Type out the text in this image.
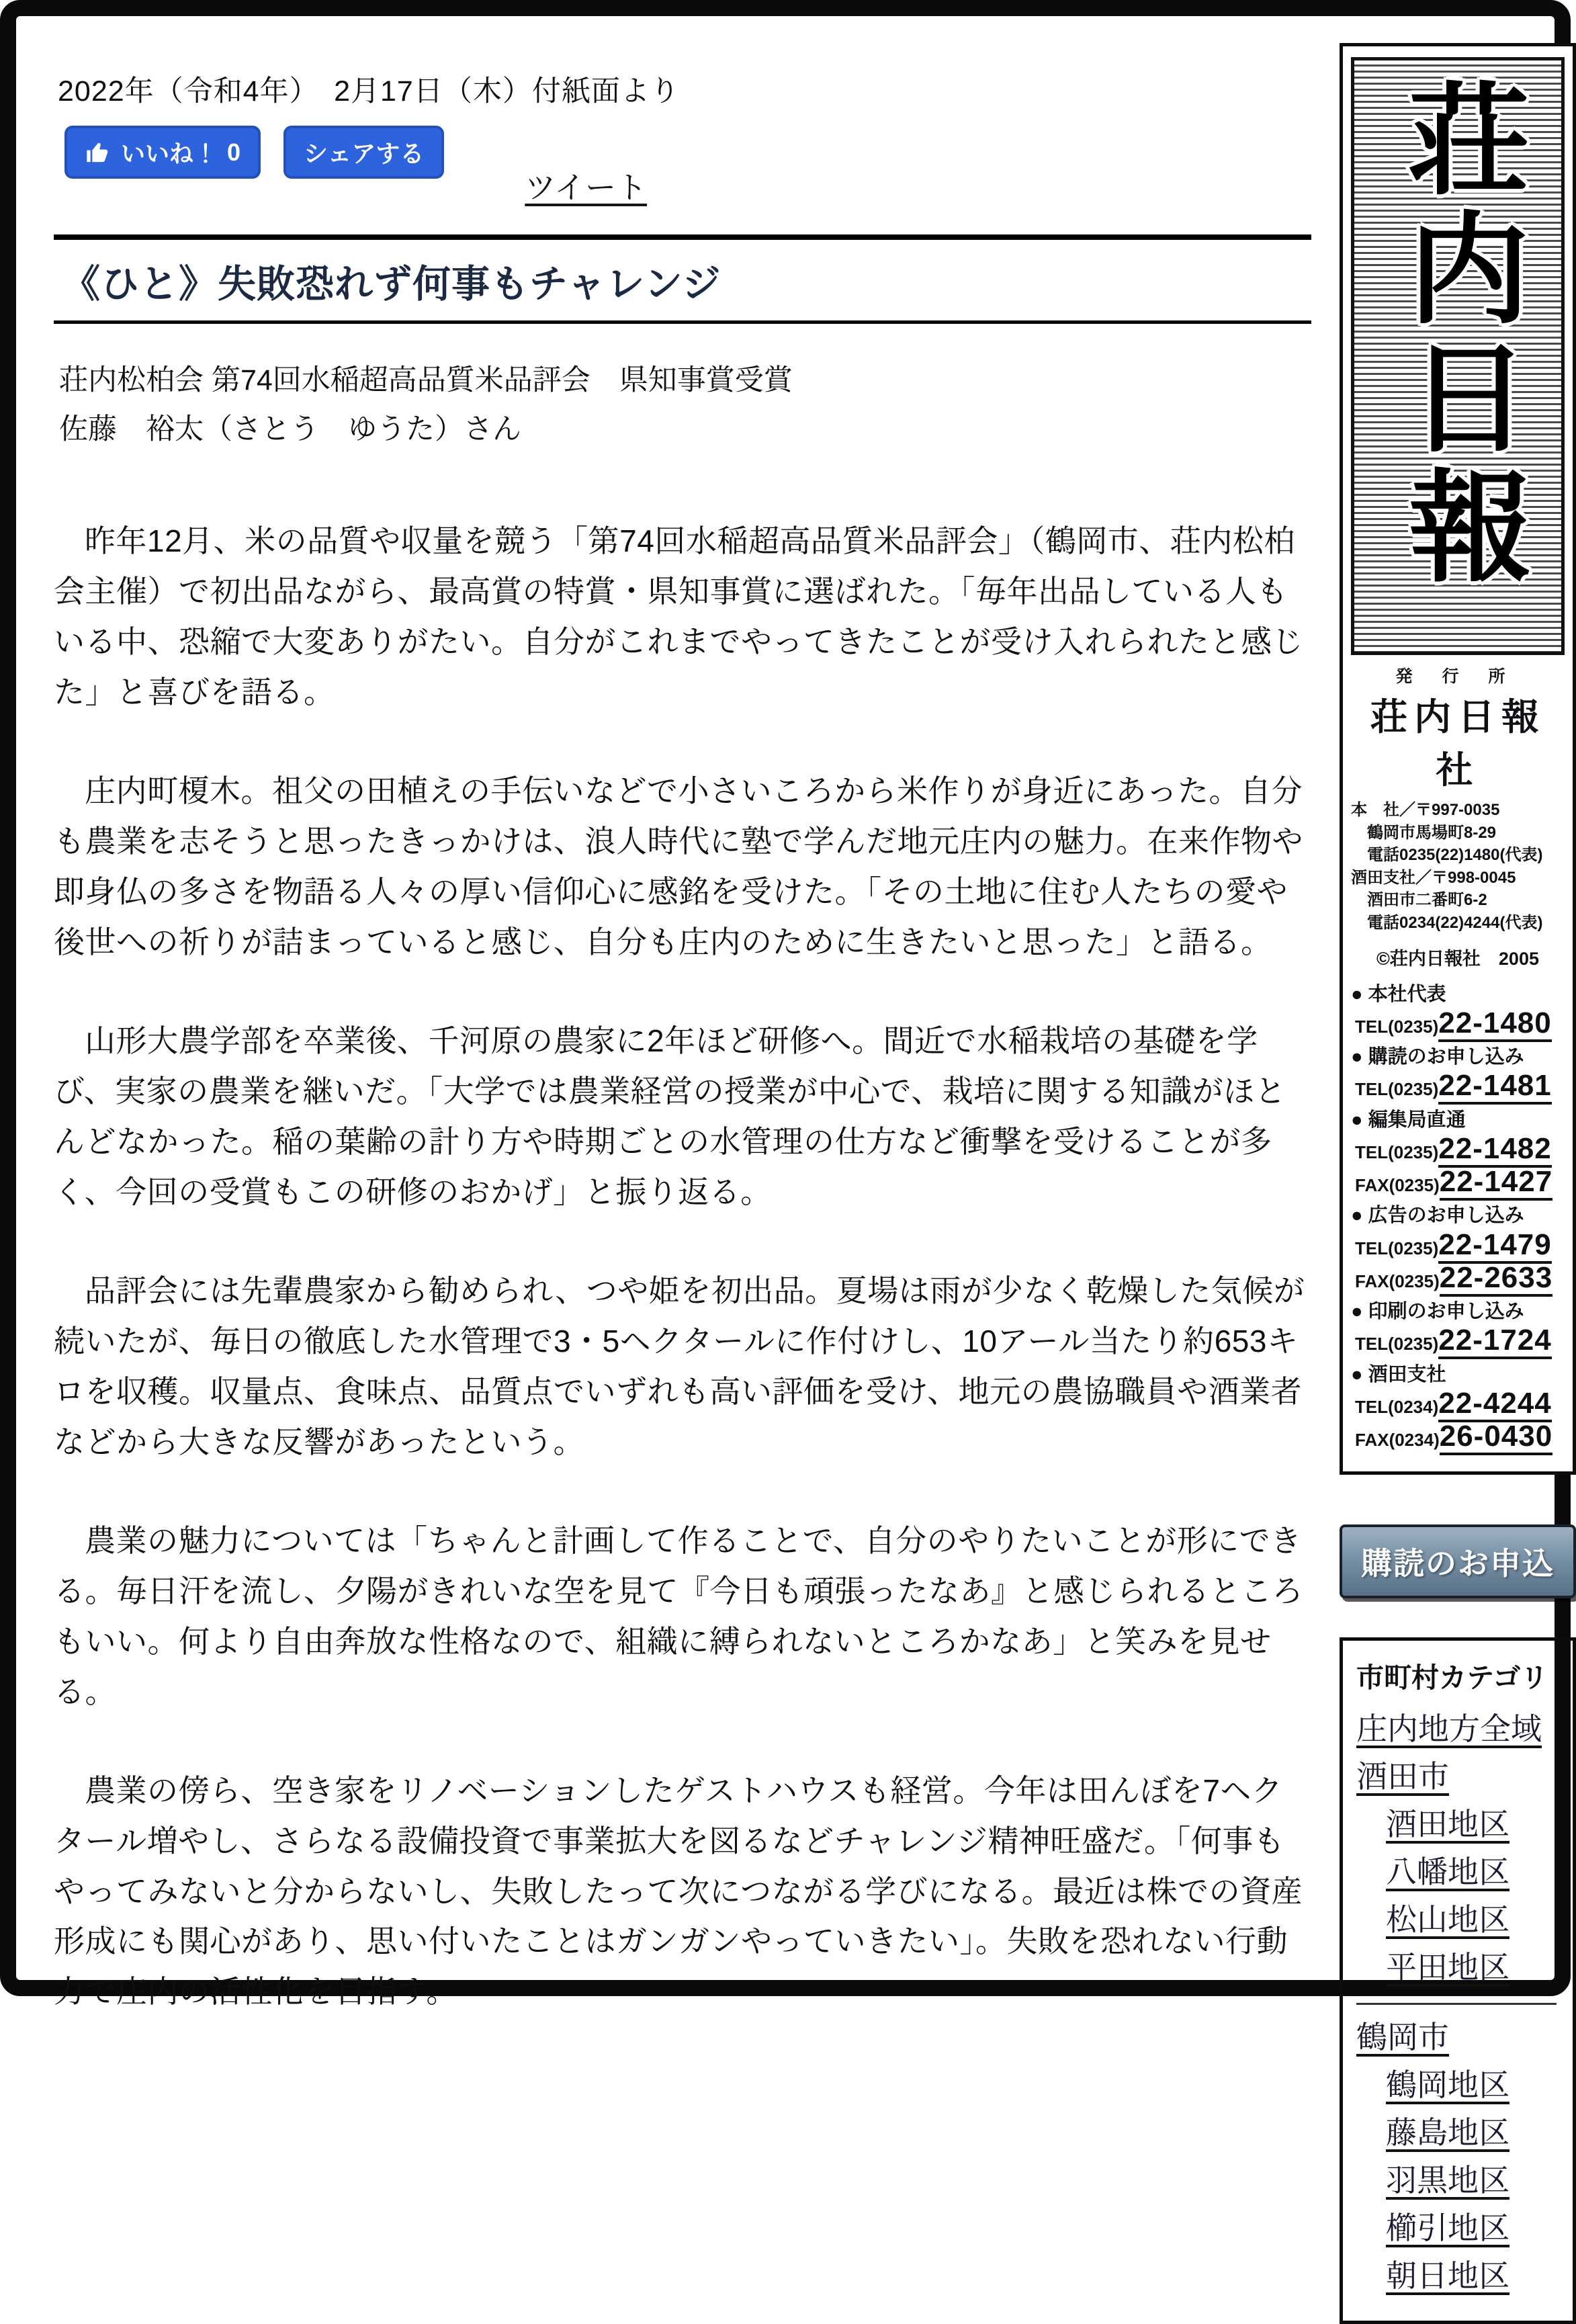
2022年（令和4年）　2月17日（木）付紙面より
いいね！ 0	シェアする
ツイート
《ひと》失敗恐れず何事もチャレンジ
荘内松柏会 第74回水稲超高品質米品評会　県知事賞受賞
佐藤　裕太（さとう　ゆうた）さん

昨年12月、米の品質や収量を競う「第74回水稲超高品質米品評会」（鶴岡市、荘内松柏会主催）で初出品ながら、最高賞の特賞・県知事賞に選ばれた。「毎年出品している人もいる中、恐縮で大変ありがたい。自分がこれまでやってきたことが受け入れられたと感じた」と喜びを語る。

庄内町榎木。祖父の田植えの手伝いなどで小さいころから米作りが身近にあった。自分も農業を志そうと思ったきっかけは、浪人時代に塾で学んだ地元庄内の魅力。在来作物や即身仏の多さを物語る人々の厚い信仰心に感銘を受けた。「その土地に住む人たちの愛や後世への祈りが詰まっていると感じ、自分も庄内のために生きたいと思った」と語る。

山形大農学部を卒業後、千河原の農家に2年ほど研修へ。間近で水稲栽培の基礎を学び、実家の農業を継いだ。「大学では農業経営の授業が中心で、栽培に関する知識がほとんどなかった。稲の葉齢の計り方や時期ごとの水管理の仕方など衝撃を受けることが多く、今回の受賞もこの研修のおかげ」と振り返る。

品評会には先輩農家から勧められ、つや姫を初出品。夏場は雨が少なく乾燥した気候が続いたが、毎日の徹底した水管理で3・5ヘクタールに作付けし、10アール当たり約653キロを収穫。収量点、食味点、品質点でいずれも高い評価を受け、地元の農協職員や酒業者などから大きな反響があったという。

農業の魅力については「ちゃんと計画して作ることで、自分のやりたいことが形にできる。毎日汗を流し、夕陽がきれいな空を見て『今日も頑張ったなあ』と感じられるところもいい。何より自由奔放な性格なので、組織に縛られないところかなあ」と笑みを見せる。

農業の傍ら、空き家をリノベーションしたゲストハウスも経営。今年は田んぼを7ヘクタール増やし、さらなる設備投資で事業拡大を図るなどチャレンジ精神旺盛だ。「何事もやってみないと分からないし、失敗したって次につながる学びになる。最近は株での資産形成にも関心があり、思い付いたことはガンガンやっていきたい」。失敗を恐れない行動力で庄内の活性化を目指す。

荘内日報
発行所
荘内日報社
本　社／〒997-0035
　鶴岡市馬場町8-29
　電話0235(22)1480(代表)
酒田支社／〒998-0045
　酒田市二番町6-2
　電話0234(22)4244(代表)
©荘内日報社　2005
● 本社代表
TEL(0235)22-1480
● 購読のお申し込み
TEL(0235)22-1481
● 編集局直通
TEL(0235)22-1482
FAX(0235)22-1427
● 広告のお申し込み
TEL(0235)22-1479
FAX(0235)22-2633
● 印刷のお申し込み
TEL(0235)22-1724
● 酒田支社
TEL(0234)22-4244
FAX(0234)26-0430
購読のお申込
市町村カテゴリ
庄内地方全域
酒田市
酒田地区
八幡地区
松山地区
平田地区
鶴岡市
鶴岡地区
藤島地区
羽黒地区
櫛引地区
朝日地区
